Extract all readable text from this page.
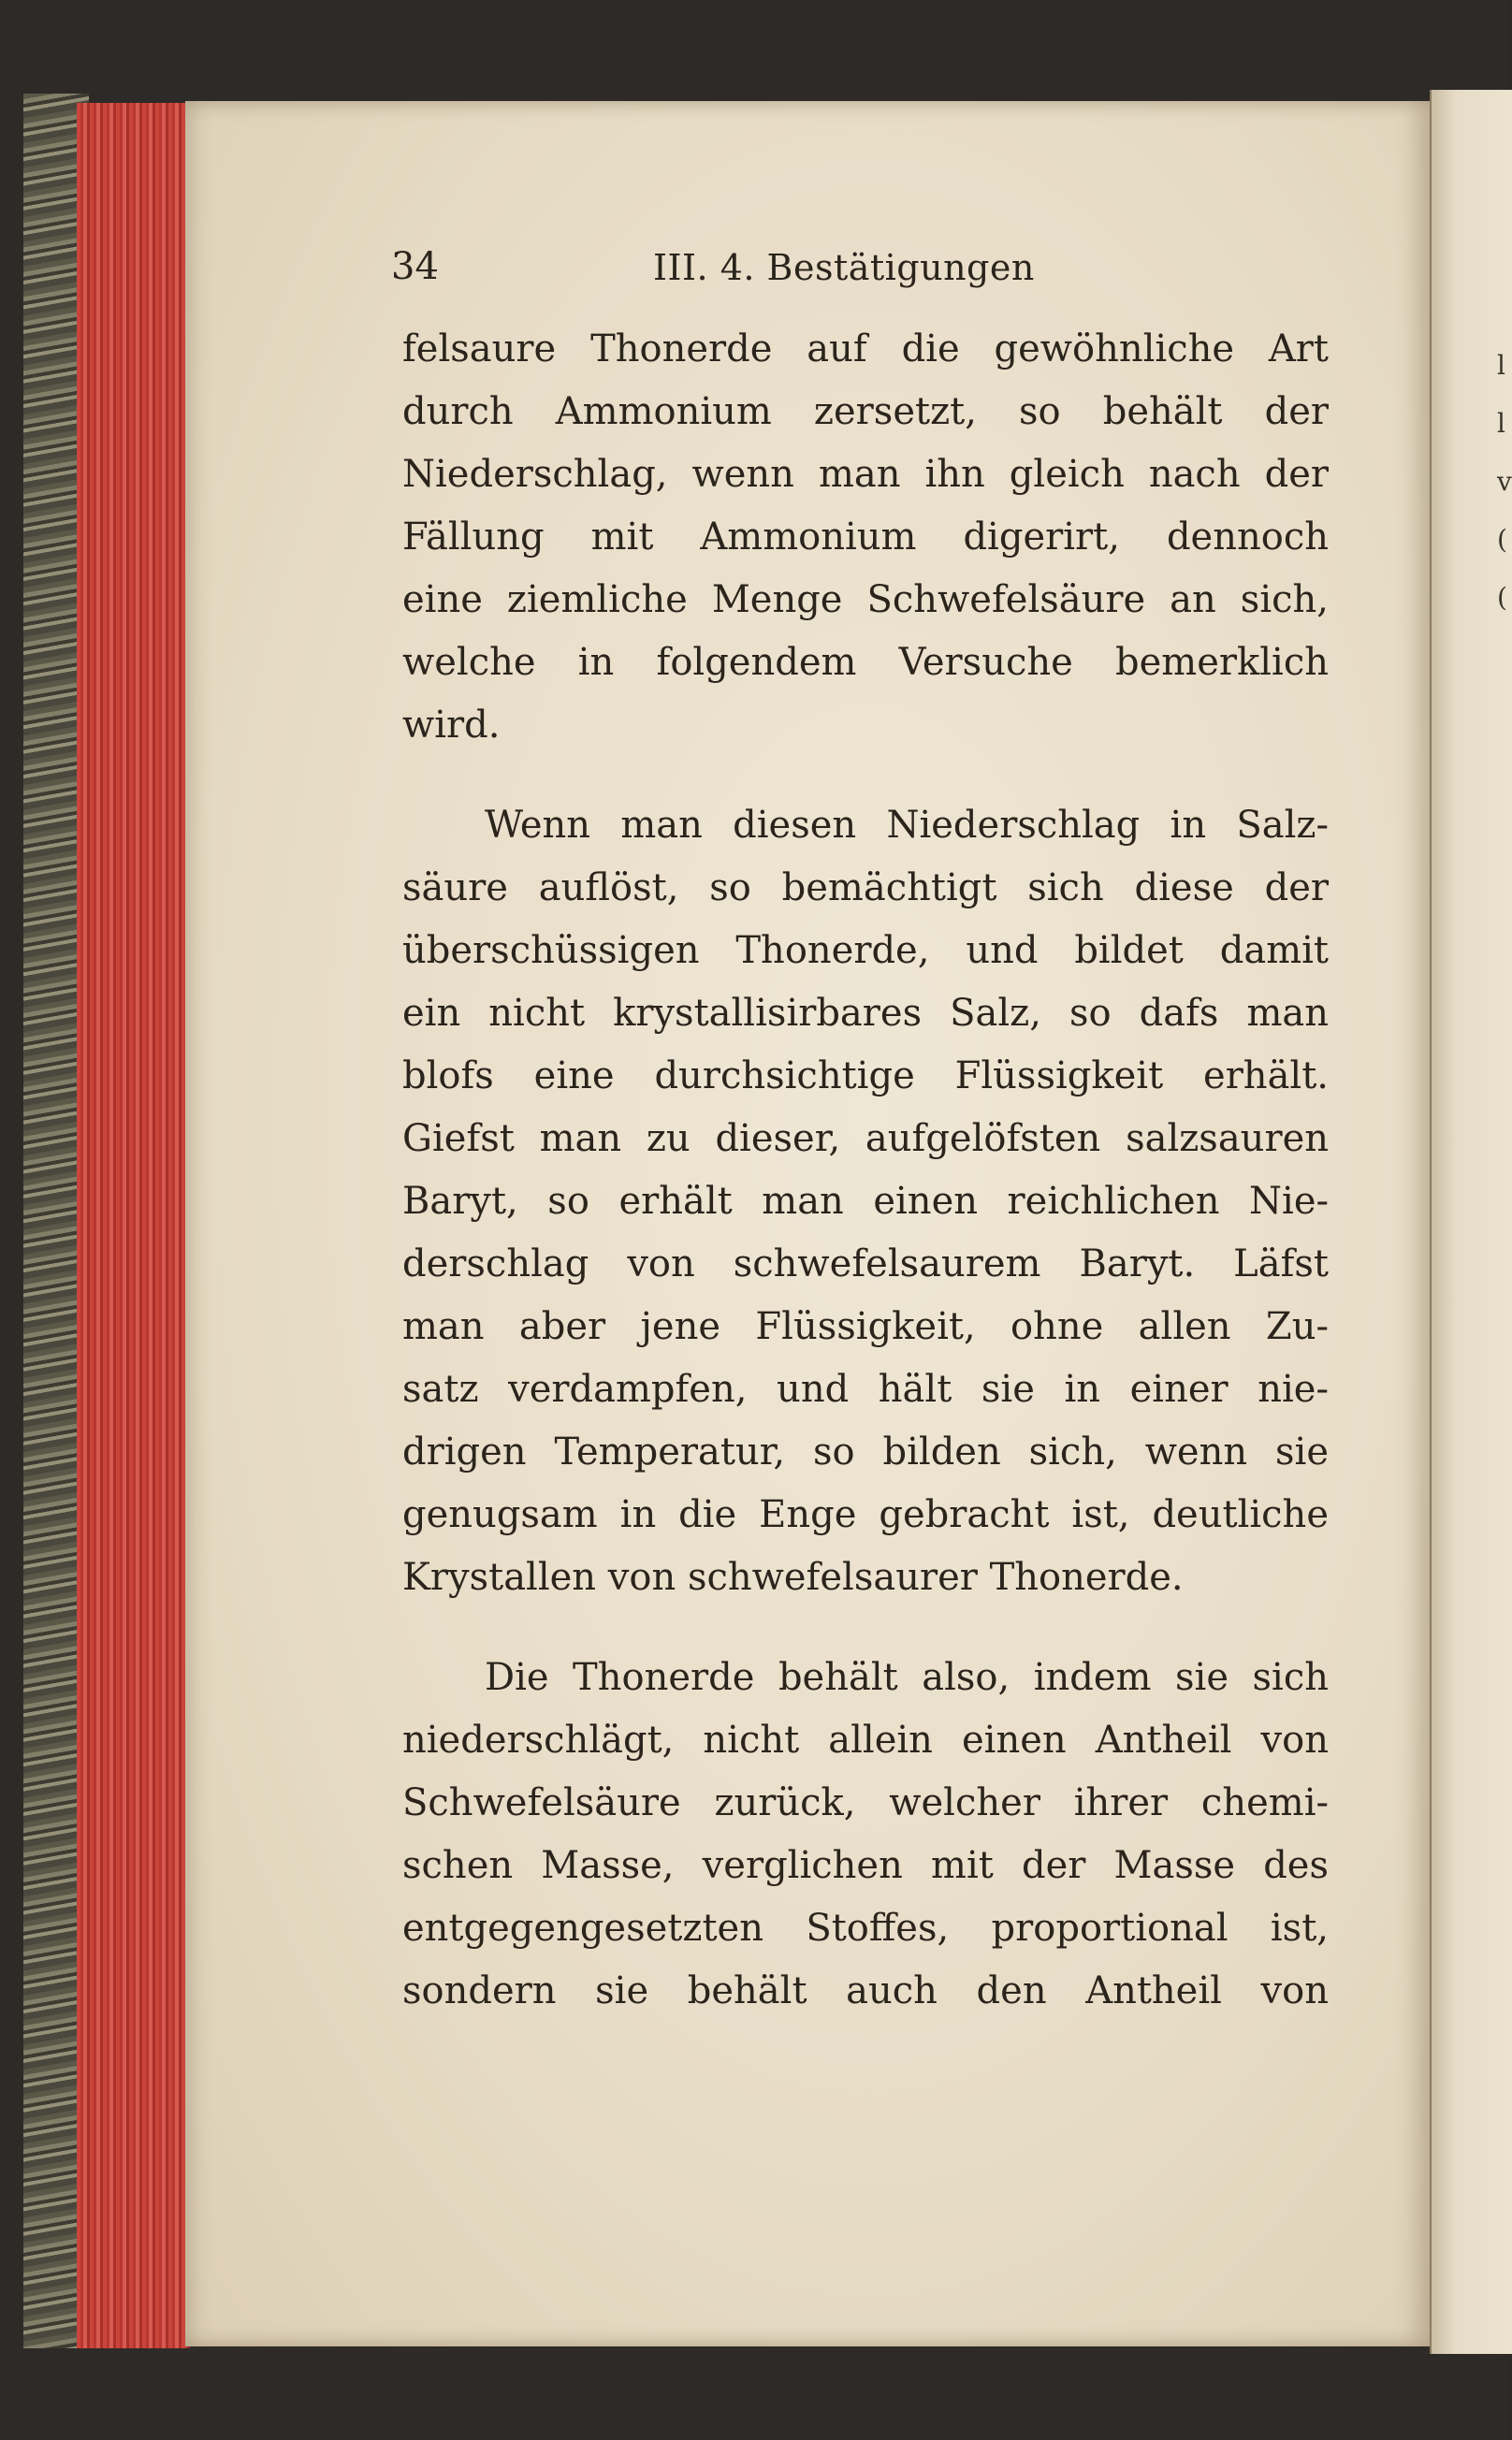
l
l
v
(
(
34	III. 4. Bestätigungen
felsaure Thonerde auf die gewöhnliche Art
durch Ammonium zersetzt, so behält der
Niederschlag, wenn man ihn gleich nach der
Fällung mit Ammonium digerirt, dennoch
eine ziemliche Menge Schwefelsäure an sich,
welche in folgendem Versuche bemerklich
wird.
Wenn man diesen Niederschlag in Salz-
säure auflöst, so bemächtigt sich diese der
überschüssigen Thonerde, und bildet damit
ein nicht krystallisirbares Salz, so dafs man
blofs eine durchsichtige Flüssigkeit erhält.
Giefst man zu dieser, aufgelöfsten salzsauren
Baryt, so erhält man einen reichlichen Nie-
derschlag von schwefelsaurem Baryt. Läfst
man aber jene Flüssigkeit, ohne allen Zu-
satz verdampfen, und hält sie in einer nie-
drigen Temperatur, so bilden sich, wenn sie
genugsam in die Enge gebracht ist, deutliche
Krystallen von schwefelsaurer Thonerde.
Die Thonerde behält also, indem sie sich
niederschlägt, nicht allein einen Antheil von
Schwefelsäure zurück, welcher ihrer chemi-
schen Masse, verglichen mit der Masse des
entgegengesetzten Stoffes, proportional ist,
sondern sie behält auch den Antheil von
